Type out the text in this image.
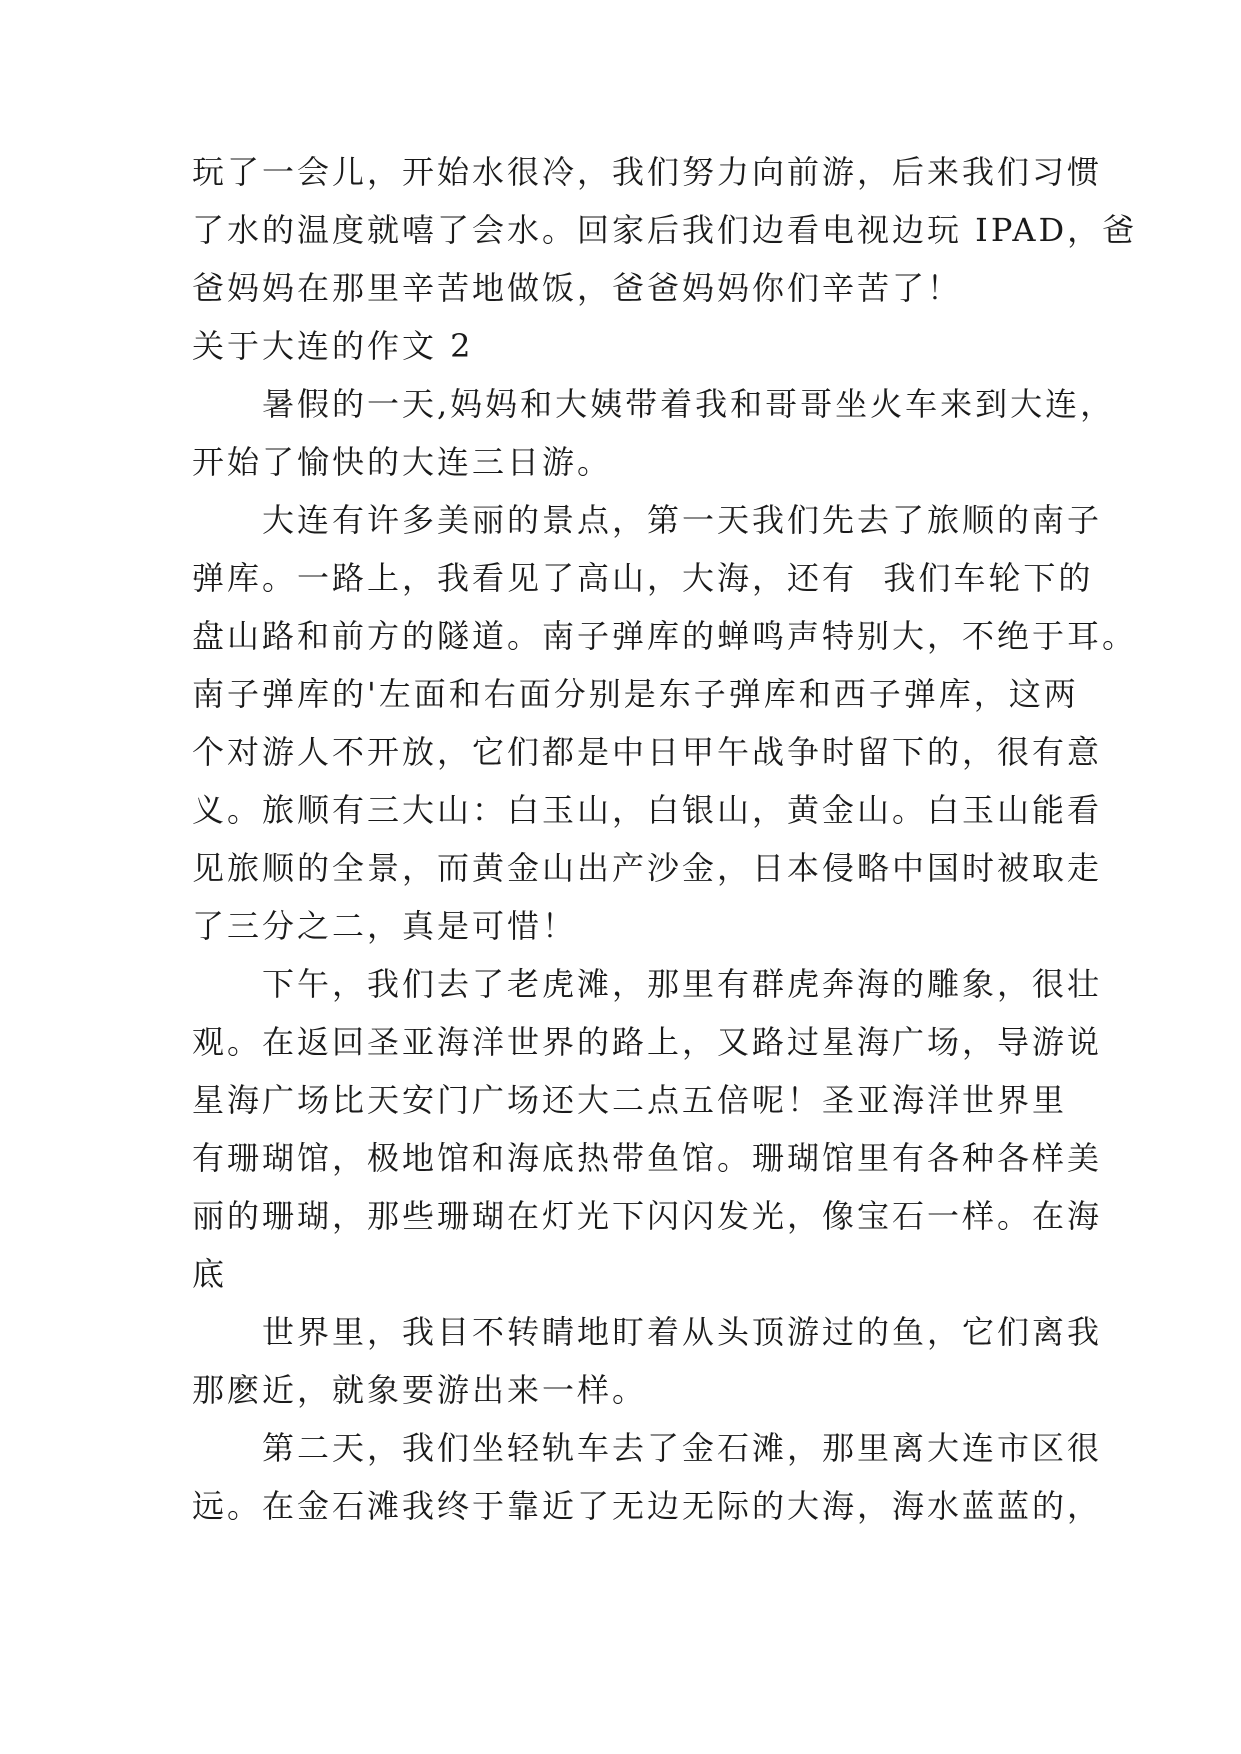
玩了一会儿，开始水很冷，我们努力向前游，后来我们习惯
了水的温度就嘻了会水。回家后我们边看电视边玩 IPAD，爸
爸妈妈在那里辛苦地做饭，爸爸妈妈你们辛苦了！
关于大连的作文 2
　　暑假的一天,妈妈和大姨带着我和哥哥坐火车来到大连，
开始了愉快的大连三日游。
　　大连有许多美丽的景点，第一天我们先去了旅顺的南子
弹库。一路上，我看见了高山，大海，还有  我们车轮下的
盘山路和前方的隧道。南子弹库的蝉鸣声特别大，不绝于耳。
南子弹库的'左面和右面分别是东子弹库和西子弹库，这两
个对游人不开放，它们都是中日甲午战争时留下的，很有意
义。旅顺有三大山：白玉山，白银山，黄金山。白玉山能看
见旅顺的全景，而黄金山出产沙金，日本侵略中国时被取走
了三分之二，真是可惜！
　　下午，我们去了老虎滩，那里有群虎奔海的雕象，很壮
观。在返回圣亚海洋世界的路上，又路过星海广场，导游说
星海广场比天安门广场还大二点五倍呢！圣亚海洋世界里
有珊瑚馆，极地馆和海底热带鱼馆。珊瑚馆里有各种各样美
丽的珊瑚，那些珊瑚在灯光下闪闪发光，像宝石一样。在海
底
　　世界里，我目不转睛地盯着从头顶游过的鱼，它们离我
那麽近，就象要游出来一样。
　　第二天，我们坐轻轨车去了金石滩，那里离大连市区很
远。在金石滩我终于靠近了无边无际的大海，海水蓝蓝的，
